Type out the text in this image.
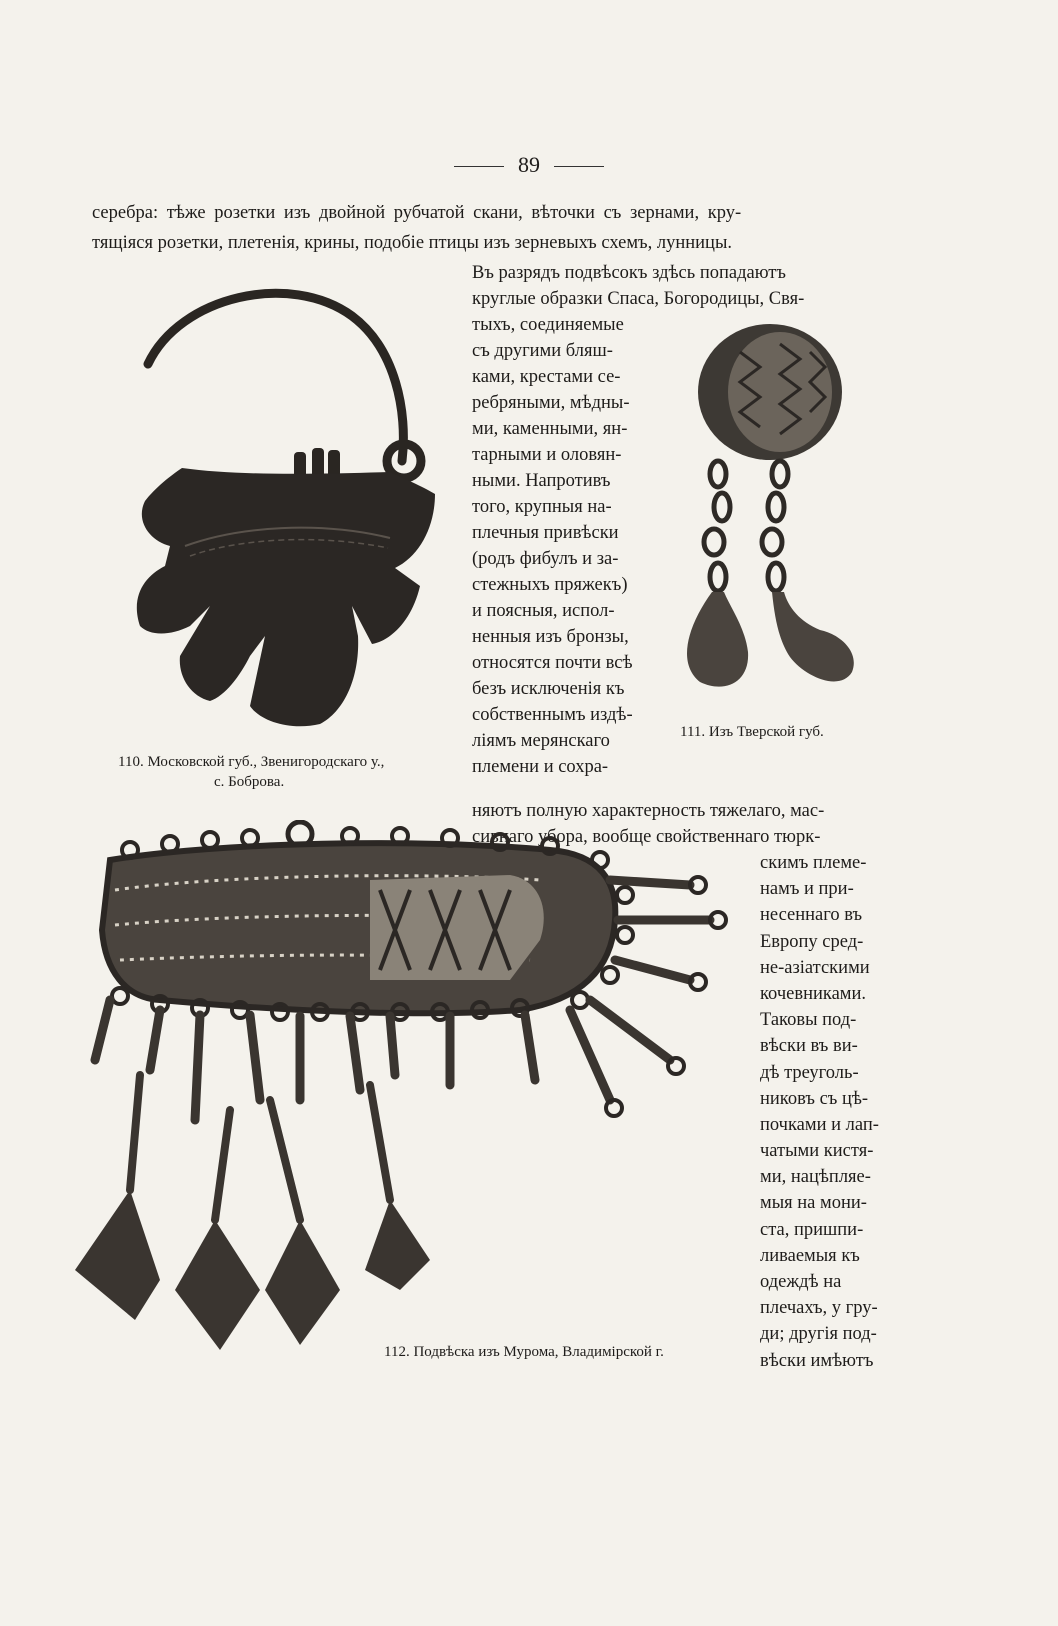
89
серебра: тѣже розетки изъ двойной рубчатой скани, вѣточки съ зернами, кру-
тящіяся розетки, плетенія, крины, подобіе птицы изъ зерневыхъ схемъ, лунницы.
Въ разрядъ подвѣсокъ здѣсь попадаютъ
круглые образки Спаса, Богородицы, Свя-
тыхъ, соединяемые
съ другими бляш-
ками, крестами се-
ребряными, мѣдны-
ми, каменными, ян-
тарными и оловян-
ными. Напротивъ
того, крупныя на-
плечныя привѣски
(родъ фибулъ и за-
стежныхъ пряжекъ)
и поясныя, испол-
ненныя изъ бронзы,
относятся почти всѣ
безъ исключенія къ
собственнымъ издѣ-
ліямъ мерянскаго
племени и сохра-
няютъ полную характерность тяжелаго, мас-
сивнаго убора, вообще свойственнаго тюрк-
скимъ племе-
намъ и при-
несеннаго въ
Европу сред-
не-азіатскими
кочевниками.
Таковы под-
вѣски въ ви-
дѣ треуголь-
никовъ съ цѣ-
почками и лап-
чатыми кистя-
ми, нацѣпляе-
мыя на мони-
ста, пришпи-
ливаемыя къ
одеждѣ на
плечахъ, у гру-
ди; другія под-
вѣски имѣютъ
110. Московской губ., Звенигородскаго у.,
с. Боброва.
111. Изъ Тверской губ.
112. Подвѣска изъ Мурома, Владимірской г.
